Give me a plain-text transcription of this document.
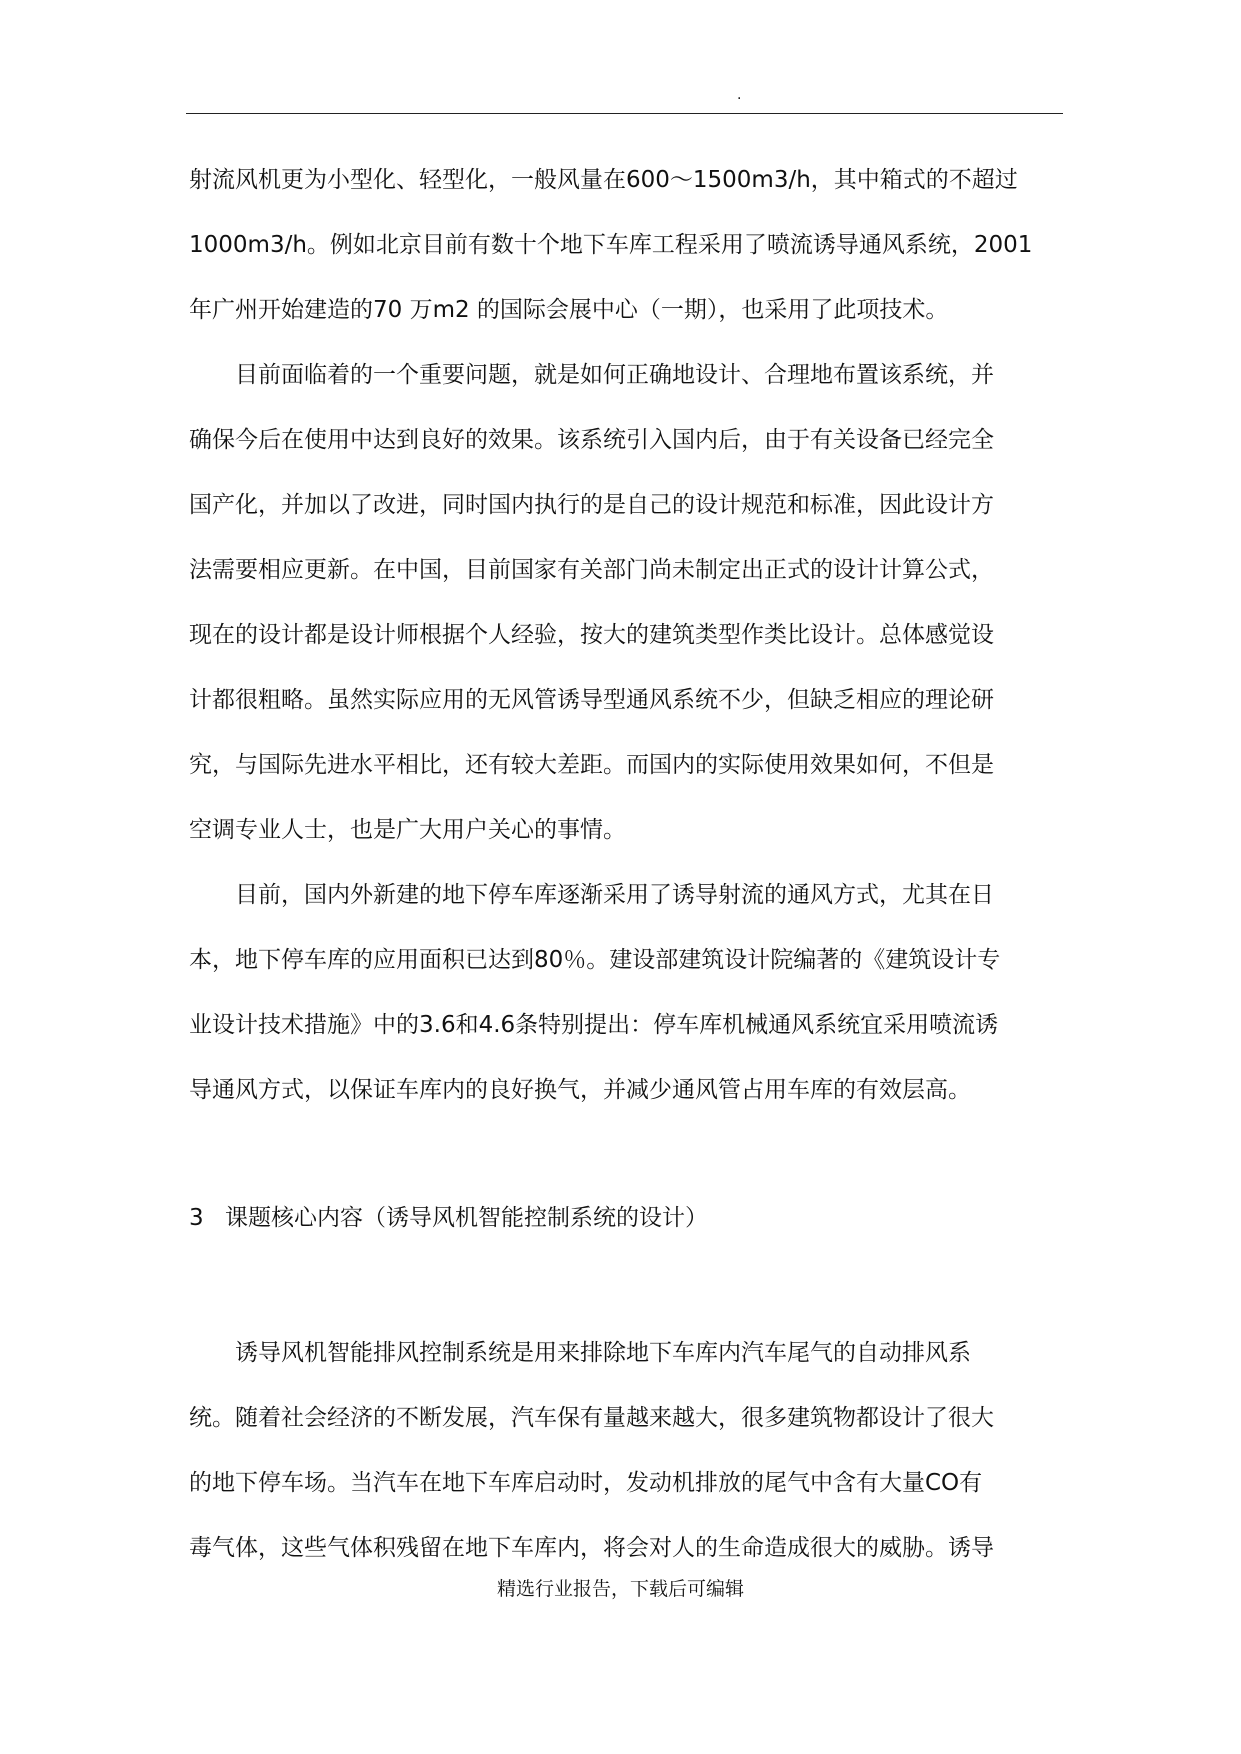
.
射流风机更为小型化、轻型化，一般风量在600～1500m3/h，其中箱式的不超过
1000m3/h。例如北京目前有数十个地下车库工程采用了喷流诱导通风系统，2001
年广州开始建造的70 万m2 的国际会展中心（一期），也采用了此项技术。
　　目前面临着的一个重要问题，就是如何正确地设计、合理地布置该系统，并
确保今后在使用中达到良好的效果。该系统引入国内后，由于有关设备已经完全
国产化，并加以了改进，同时国内执行的是自己的设计规范和标准，因此设计方
法需要相应更新。在中国，目前国家有关部门尚未制定出正式的设计计算公式，
现在的设计都是设计师根据个人经验，按大的建筑类型作类比设计。总体感觉设
计都很粗略。虽然实际应用的无风管诱导型通风系统不少，但缺乏相应的理论研
究，与国际先进水平相比，还有较大差距。而国内的实际使用效果如何，不但是
空调专业人士，也是广大用户关心的事情。
　　目前，国内外新建的地下停车库逐渐采用了诱导射流的通风方式，尤其在日
本，地下停车库的应用面积已达到80％。建设部建筑设计院编著的《建筑设计专
业设计技术措施》中的3.6和4.6条特别提出：停车库机械通风系统宜采用喷流诱
导通风方式，以保证车库内的良好换气，并减少通风管占用车库的有效层高。
3 课题核心内容（诱导风机智能控制系统的设计）
　　诱导风机智能排风控制系统是用来排除地下车库内汽车尾气的自动排风系
统。随着社会经济的不断发展，汽车保有量越来越大，很多建筑物都设计了很大
的地下停车场。当汽车在地下车库启动时，发动机排放的尾气中含有大量CO有
毒气体，这些气体积残留在地下车库内，将会对人的生命造成很大的威胁。诱导
精选行业报告，下载后可编辑
